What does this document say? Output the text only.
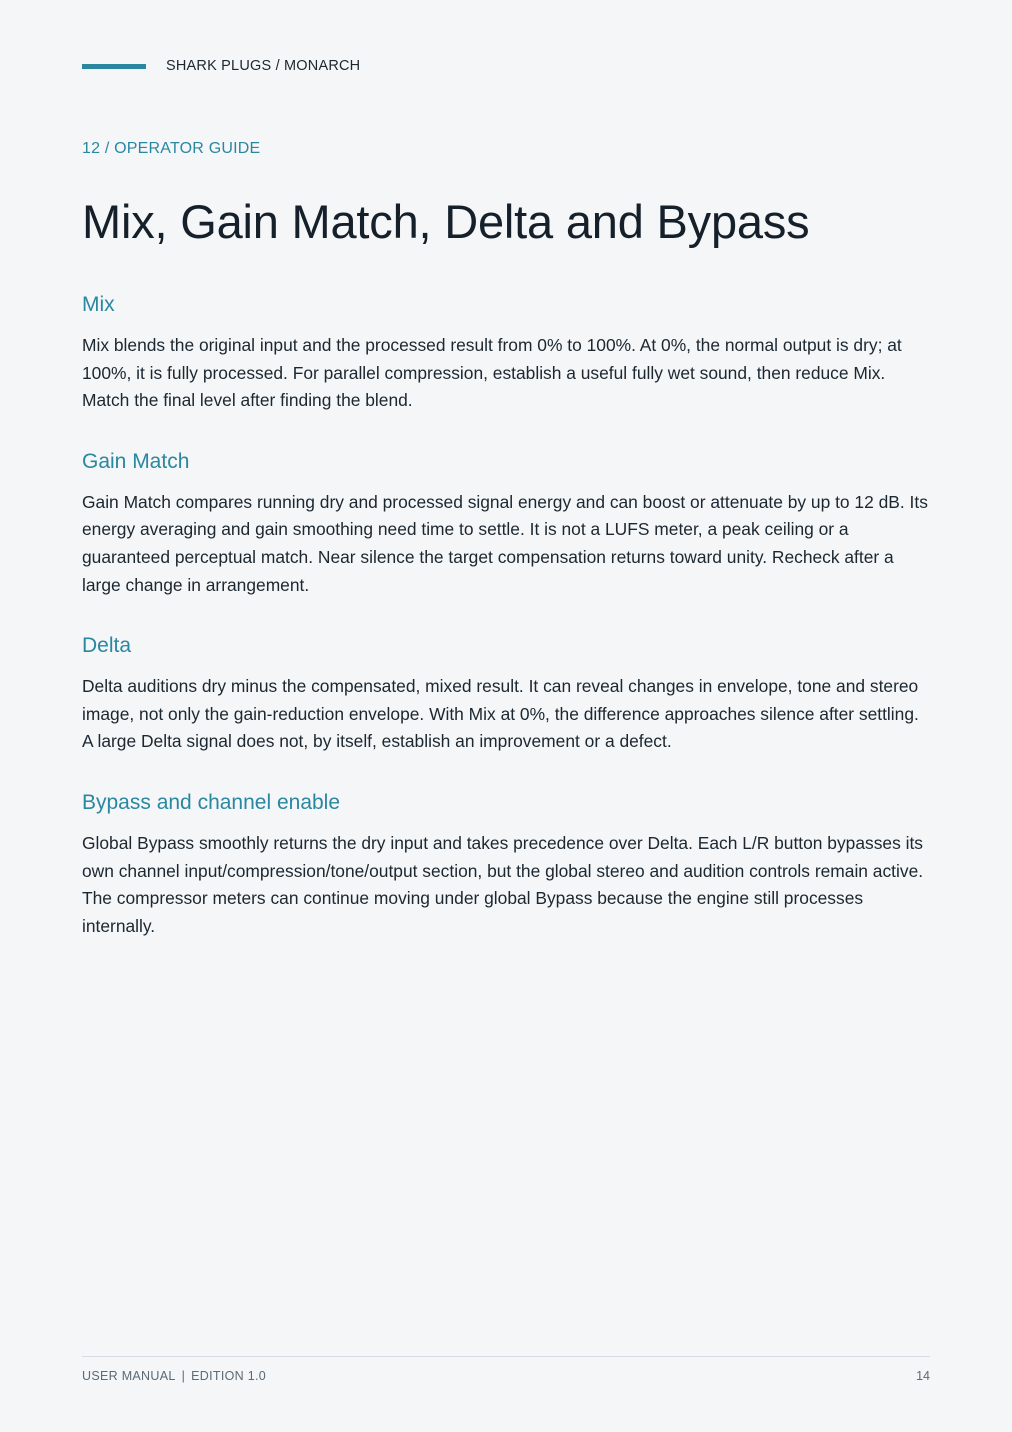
SHARK PLUGS / MONARCH
12 / OPERATOR GUIDE
Mix, Gain Match, Delta and Bypass
Mix

Mix blends the original input and the processed result from 0% to 100%. At 0%, the normal output is dry; at 100%, it is fully processed. For parallel compression, establish a useful fully wet sound, then reduce Mix. Match the final level after finding the blend.

Gain Match

Gain Match compares running dry and processed signal energy and can boost or attenuate by up to 12 dB. Its energy averaging and gain smoothing need time to settle. It is not a LUFS meter, a peak ceiling or a guaranteed perceptual match. Near silence the target compensation returns toward unity. Recheck after a large change in arrangement.

Delta

Delta auditions dry minus the compensated, mixed result. It can reveal changes in envelope, tone and stereo image, not only the gain-reduction envelope. With Mix at 0%, the difference approaches silence after settling. A large Delta signal does not, by itself, establish an improvement or a defect.

Bypass and channel enable

Global Bypass smoothly returns the dry input and takes precedence over Delta. Each L/R button bypasses its own channel input/compression/tone/output section, but the global stereo and audition controls remain active. The compressor meters can continue moving under global Bypass because the engine still processes internally.

USER MANUAL | EDITION 1.0	14
